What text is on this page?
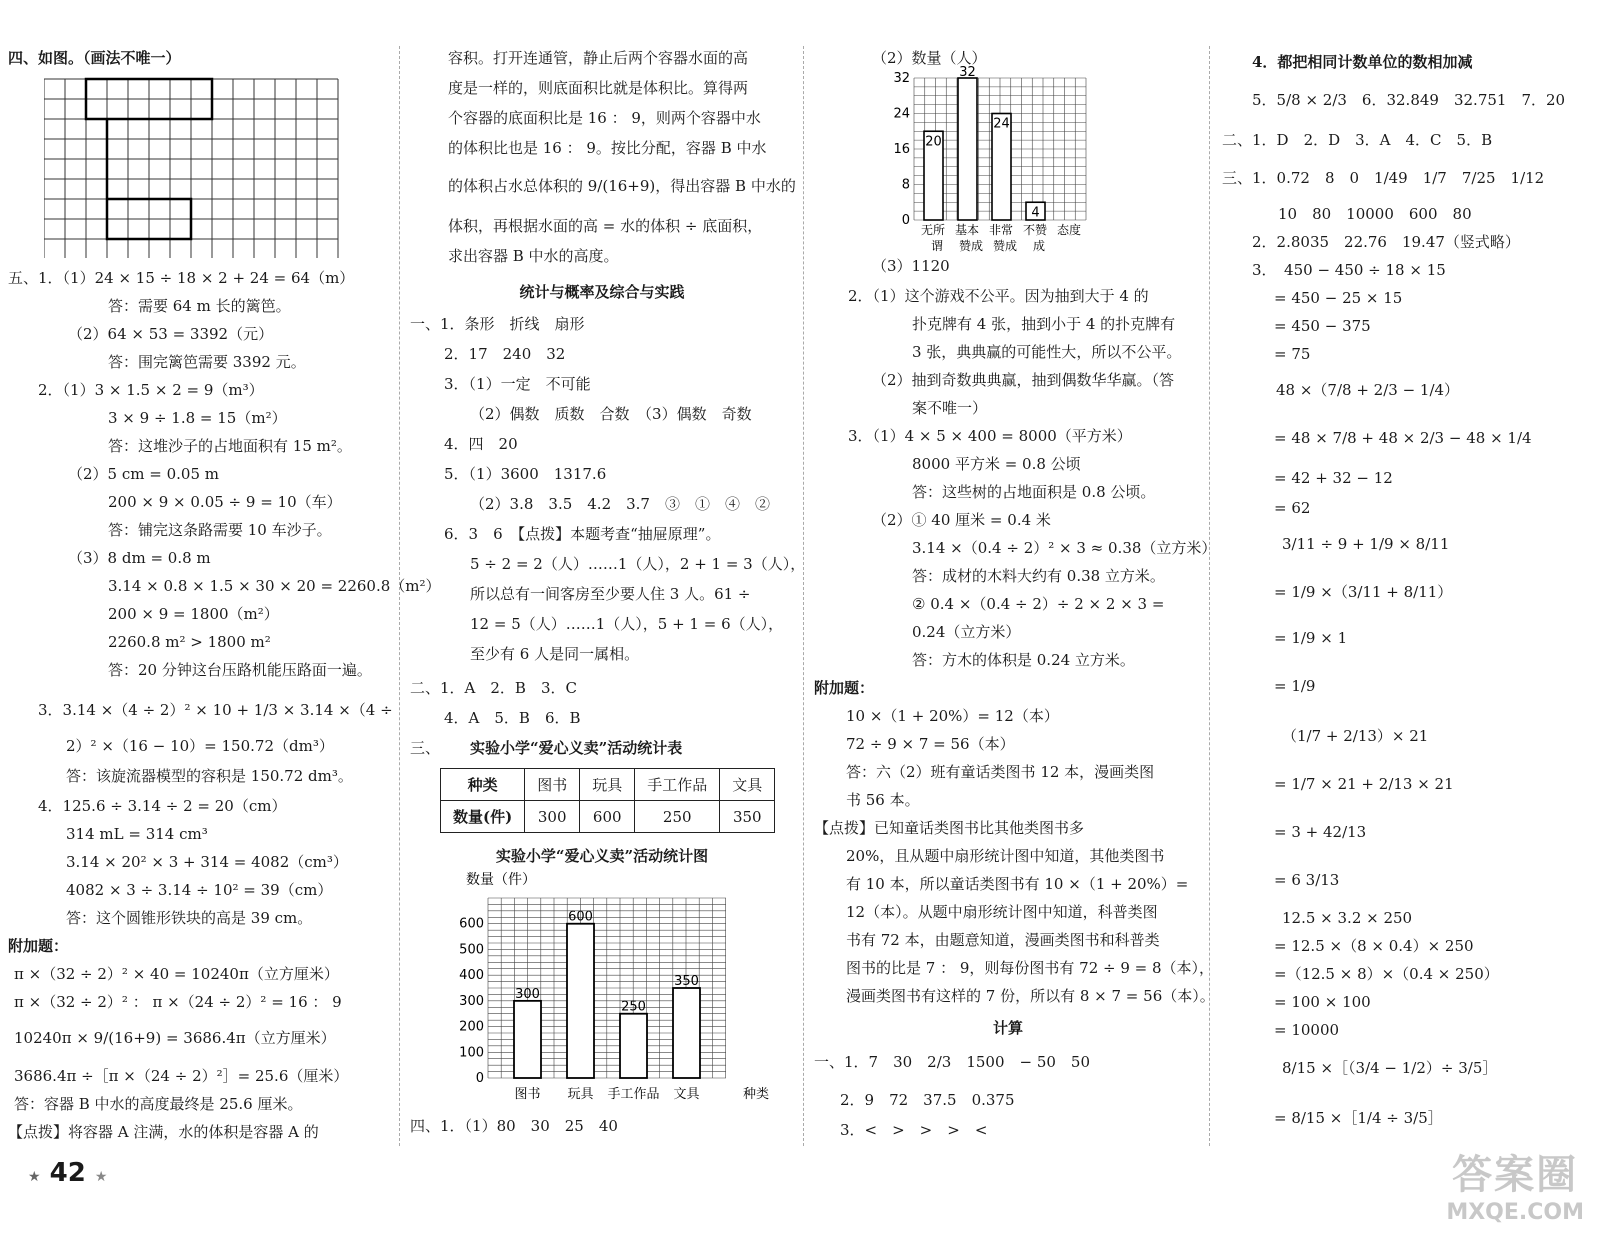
四、如图。（画法不唯一）
五、1．（1）24 × 15 ÷ 18 × 2 + 24 = 64（m）
答：需要 64 m 长的篱笆。
（2）64 × 53 = 3392（元）
答：围完篱笆需要 3392 元。
2．（1）3 × 1.5 × 2 = 9（m³）
3 × 9 ÷ 1.8 = 15（m²）
答：这堆沙子的占地面积有 15 m²。
（2）5 cm = 0.05 m
200 × 9 × 0.05 ÷ 9 = 10（车）
答：铺完这条路需要 10 车沙子。
（3）8 dm = 0.8 m
3.14 × 0.8 × 1.5 × 30 × 20 = 2260.8（m²）
200 × 9 = 1800（m²）
2260.8 m² > 1800 m²
答：20 分钟这台压路机能压路面一遍。
3．3.14 ×（4 ÷ 2）² × 10 + 1/3 × 3.14 ×（4 ÷
2）² ×（16 − 10）= 150.72（dm³）
答：该旋流器模型的容积是 150.72 dm³。
4．125.6 ÷ 3.14 ÷ 2 = 20（cm）
314 mL = 314 cm³
3.14 × 20² × 3 + 314 = 4082（cm³）
4082 × 3 ÷ 3.14 ÷ 10² = 39（cm）
答：这个圆锥形铁块的高是 39 cm。
附加题：
π ×（32 ÷ 2）² × 40 = 10240π（立方厘米）
π ×（32 ÷ 2）² ： π ×（24 ÷ 2）² = 16 ： 9
10240π × 9/(16+9) = 3686.4π（立方厘米）
3686.4π ÷［π ×（24 ÷ 2）²］= 25.6（厘米）
答：容器 B 中水的高度最终是 25.6 厘米。
【点拨】将容器 A 注满，水的体积是容器 A 的
容积。打开连通管，静止后两个容器水面的高
度是一样的，则底面积比就是体积比。算得两
个容器的底面积比是 16 ： 9，则两个容器中水
的体积比也是 16 ： 9。按比分配，容器 B 中水
的体积占水总体积的 9/(16+9)，得出容器 B 中水的
体积，再根据水面的高 = 水的体积 ÷ 底面积，
求出容器 B 中水的高度。
统计与概率及综合与实践
一、1．条形　折线　扇形
2．17　240　32
3．（1）一定　不可能
（2）偶数　质数　合数　（3）偶数　奇数
4．四　20
5．（1）3600　1317.6
（2）3.8　3.5　4.2　3.7　③　①　④　②
6．3　6　【点拨】本题考查“抽屉原理”。
5 ÷ 2 = 2（人）……1（人），2 + 1 = 3（人），
所以总有一间客房至少要人住 3 人。61 ÷
12 = 5（人）……1（人），5 + 1 = 6（人），
至少有 6 人是同一属相。
二、1．A　2．B　3．C
4．A　5．B　6．B
三、 实验小学“爱心义卖”活动统计表
种类	图书	玩具	手工作品	文具
数量(件)	300	600	250	350
实验小学“爱心义卖”活动统计图
数量（件）
0
100
200
300
400
500
600
300
图书
600
玩具
250
手工作品
350
文具	种类
四、1．（1）80　30　25　40
（2）数量（人）
0
8
16
24
32
20
32
24
4
无所谓
基本赞成
非常赞成
不赞成
态度
（3）1120
2．（1）这个游戏不公平。因为抽到大于 4 的
扑克牌有 4 张，抽到小于 4 的扑克牌有
3 张，典典赢的可能性大，所以不公平。
（2）抽到奇数典典赢，抽到偶数华华赢。（答
案不唯一）
3．（1）4 × 5 × 400 = 8000（平方米）
8000 平方米 = 0.8 公顷
答：这些树的占地面积是 0.8 公顷。
（2）① 40 厘米 = 0.4 米
3.14 ×（0.4 ÷ 2）² × 3 ≈ 0.38（立方米）
答：成材的木料大约有 0.38 立方米。
② 0.4 ×（0.4 ÷ 2）÷ 2 × 2 × 3 =
0.24（立方米）
答：方木的体积是 0.24 立方米。
附加题：
10 ×（1 + 20%）= 12（本）
72 ÷ 9 × 7 = 56（本）
答：六（2）班有童话类图书 12 本，漫画类图
书 56 本。
【点拨】已知童话类图书比其他类图书多
20%，且从题中扇形统计图中知道，其他类图书
有 10 本，所以童话类图书有 10 ×（1 + 20%）=
12（本）。从题中扇形统计图中知道，科普类图
书有 72 本，由题意知道，漫画类图书和科普类
图书的比是 7 ： 9，则每份图书有 72 ÷ 9 = 8（本），
漫画类图书有这样的 7 份，所以有 8 × 7 = 56（本）。
计算
一、1．7　30　2/3　1500　− 50　50
2．9　72　37.5　0.375
3．<　>　>　>　<
4．都把相同计数单位的数相加减
5．5/8 × 2/3　6．32.849　32.751　7．20
二、1．D　2．D　3．A　4．C　5．B
三、1．0.72　8　0　1/49　1/7　7/25　1/12
10　80　10000　600　80
2．2.8035　22.76　19.47（竖式略）
3．　450 − 450 ÷ 18 × 15
= 450 − 25 × 15
= 450 − 375
= 75
48 ×（7/8 + 2/3 − 1/4）
= 48 × 7/8 + 48 × 2/3 − 48 × 1/4
= 42 + 32 − 12
= 62
3/11 ÷ 9 + 1/9 × 8/11
= 1/9 ×（3/11 + 8/11）
= 1/9 × 1
= 1/9
（1/7 + 2/13）× 21
= 1/7 × 21 + 2/13 × 21
= 3 + 42/13
= 6 3/13
12.5 × 3.2 × 250
= 12.5 ×（8 × 0.4）× 250
=（12.5 × 8）×（0.4 × 250）
= 100 × 100
= 10000
8/15 ×［（3/4 − 1/2）÷ 3/5］
= 8/15 ×［1/4 ÷ 3/5］
★ 42 ★	答案圈
MXQE.COM
